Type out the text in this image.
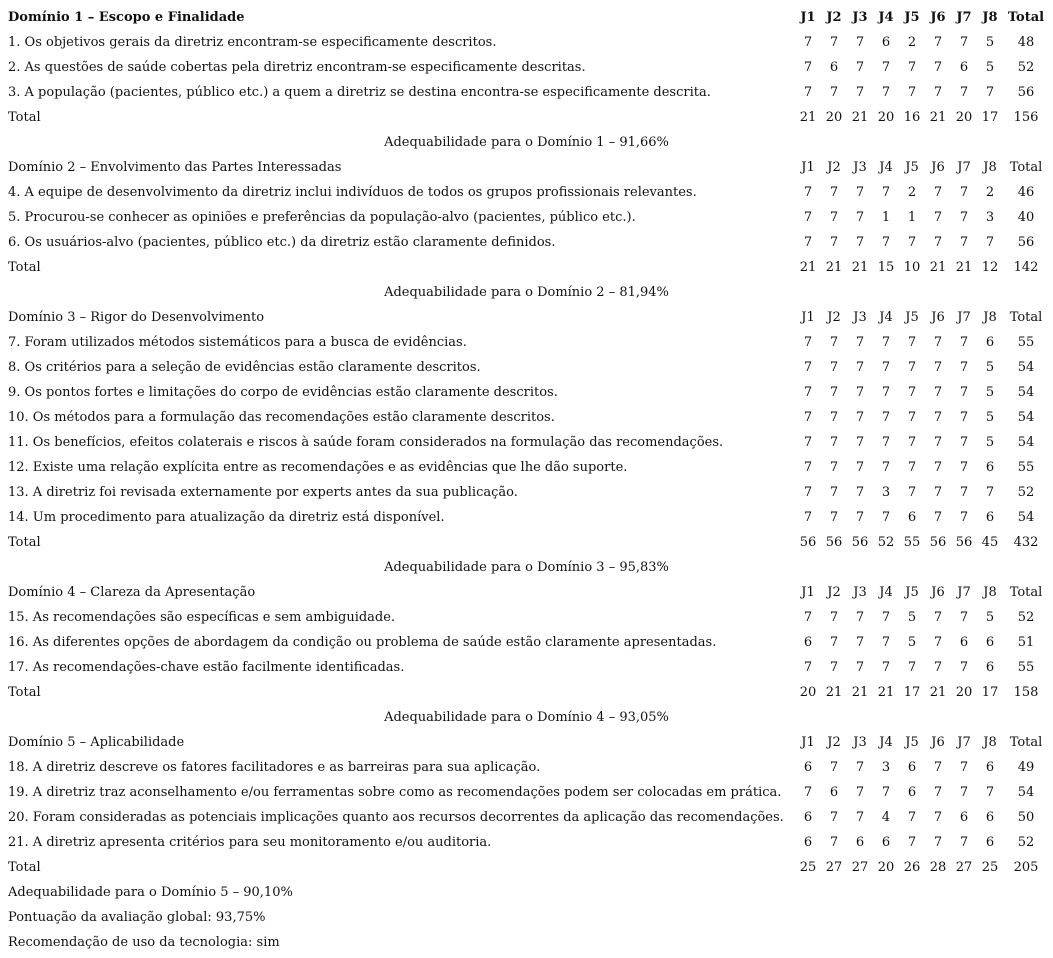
Domínio 1 – Escopo e Finalidade	J1 J2 J3 J4 J5 J6 J7 J8 Total
1. Os objetivos gerais da diretriz encontram-se especificamente descritos.	7	7	7	6	2	7	7	5	48
2. As questões de saúde cobertas pela diretriz encontram-se especificamente descritas.	7	6	7	7	7	7	6	5	52
3. A população (pacientes, público etc.) a quem a diretriz se destina encontra-se especificamente descrita.	7	7	7	7	7	7	7	7	56
Total	21 20 21 20 16 21 20 17	156
Adequabilidade para o Domínio 1 – 91,66%
Domínio 2 – Envolvimento das Partes Interessadas	J1 J2 J3 J4 J5 J6 J7 J8 Total
4. A equipe de desenvolvimento da diretriz inclui indivíduos de todos os grupos profissionais relevantes.	7	7	7	7	2	7	7	2	46
5. Procurou-se conhecer as opiniões e preferências da população-alvo (pacientes, público etc.).	7	7	7	1	1	7	7	3	40
6. Os usuários-alvo (pacientes, público etc.) da diretriz estão claramente definidos.	7	7	7	7	7	7	7	7	56
Total	21 21 21 15 10 21 21 12	142
Adequabilidade para o Domínio 2 – 81,94%
Domínio 3 – Rigor do Desenvolvimento	J1 J2 J3 J4 J5 J6 J7 J8 Total
7. Foram utilizados métodos sistemáticos para a busca de evidências.	7	7	7	7	7	7	7	6	55
8. Os critérios para a seleção de evidências estão claramente descritos.	7	7	7	7	7	7	7	5	54
9. Os pontos fortes e limitações do corpo de evidências estão claramente descritos.	7	7	7	7	7	7	7	5	54
10. Os métodos para a formulação das recomendações estão claramente descritos.	7	7	7	7	7	7	7	5	54
11. Os benefícios, efeitos colaterais e riscos à saúde foram considerados na formulação das recomendações.	7	7	7	7	7	7	7	5	54
12. Existe uma relação explícita entre as recomendações e as evidências que lhe dão suporte.	7	7	7	7	7	7	7	6	55
13. A diretriz foi revisada externamente por experts antes da sua publicação.	7	7	7	3	7	7	7	7	52
14. Um procedimento para atualização da diretriz está disponível.	7	7	7	7	6	7	7	6	54
Total	56 56 56 52 55 56 56 45	432
Adequabilidade para o Domínio 3 – 95,83%
Domínio 4 – Clareza da Apresentação	J1 J2 J3 J4 J5 J6 J7 J8 Total
15. As recomendações são específicas e sem ambiguidade.	7	7	7	7	5	7	7	5	52
16. As diferentes opções de abordagem da condição ou problema de saúde estão claramente apresentadas.	6	7	7	7	5	7	6	6	51
17. As recomendações-chave estão facilmente identificadas.	7	7	7	7	7	7	7	6	55
Total	20 21 21 21 17 21 20 17	158
Adequabilidade para o Domínio 4 – 93,05%
Domínio 5 – Aplicabilidade	J1 J2 J3 J4 J5 J6 J7 J8 Total
18. A diretriz descreve os fatores facilitadores e as barreiras para sua aplicação.	6	7	7	3	6	7	7	6	49
19. A diretriz traz aconselhamento e/ou ferramentas sobre como as recomendações podem ser colocadas em prática.	7	6	7	7	6	7	7	7	54
20. Foram consideradas as potenciais implicações quanto aos recursos decorrentes da aplicação das recomendações.	6	7	7	4	7	7	6	6	50
21. A diretriz apresenta critérios para seu monitoramento e/ou auditoria.	6	7	6	6	7	7	7	6	52
Total	25 27 27 20 26 28 27 25	205
Adequabilidade para o Domínio 5 – 90,10%
Pontuação da avaliação global: 93,75%
Recomendação de uso da tecnologia: sim
